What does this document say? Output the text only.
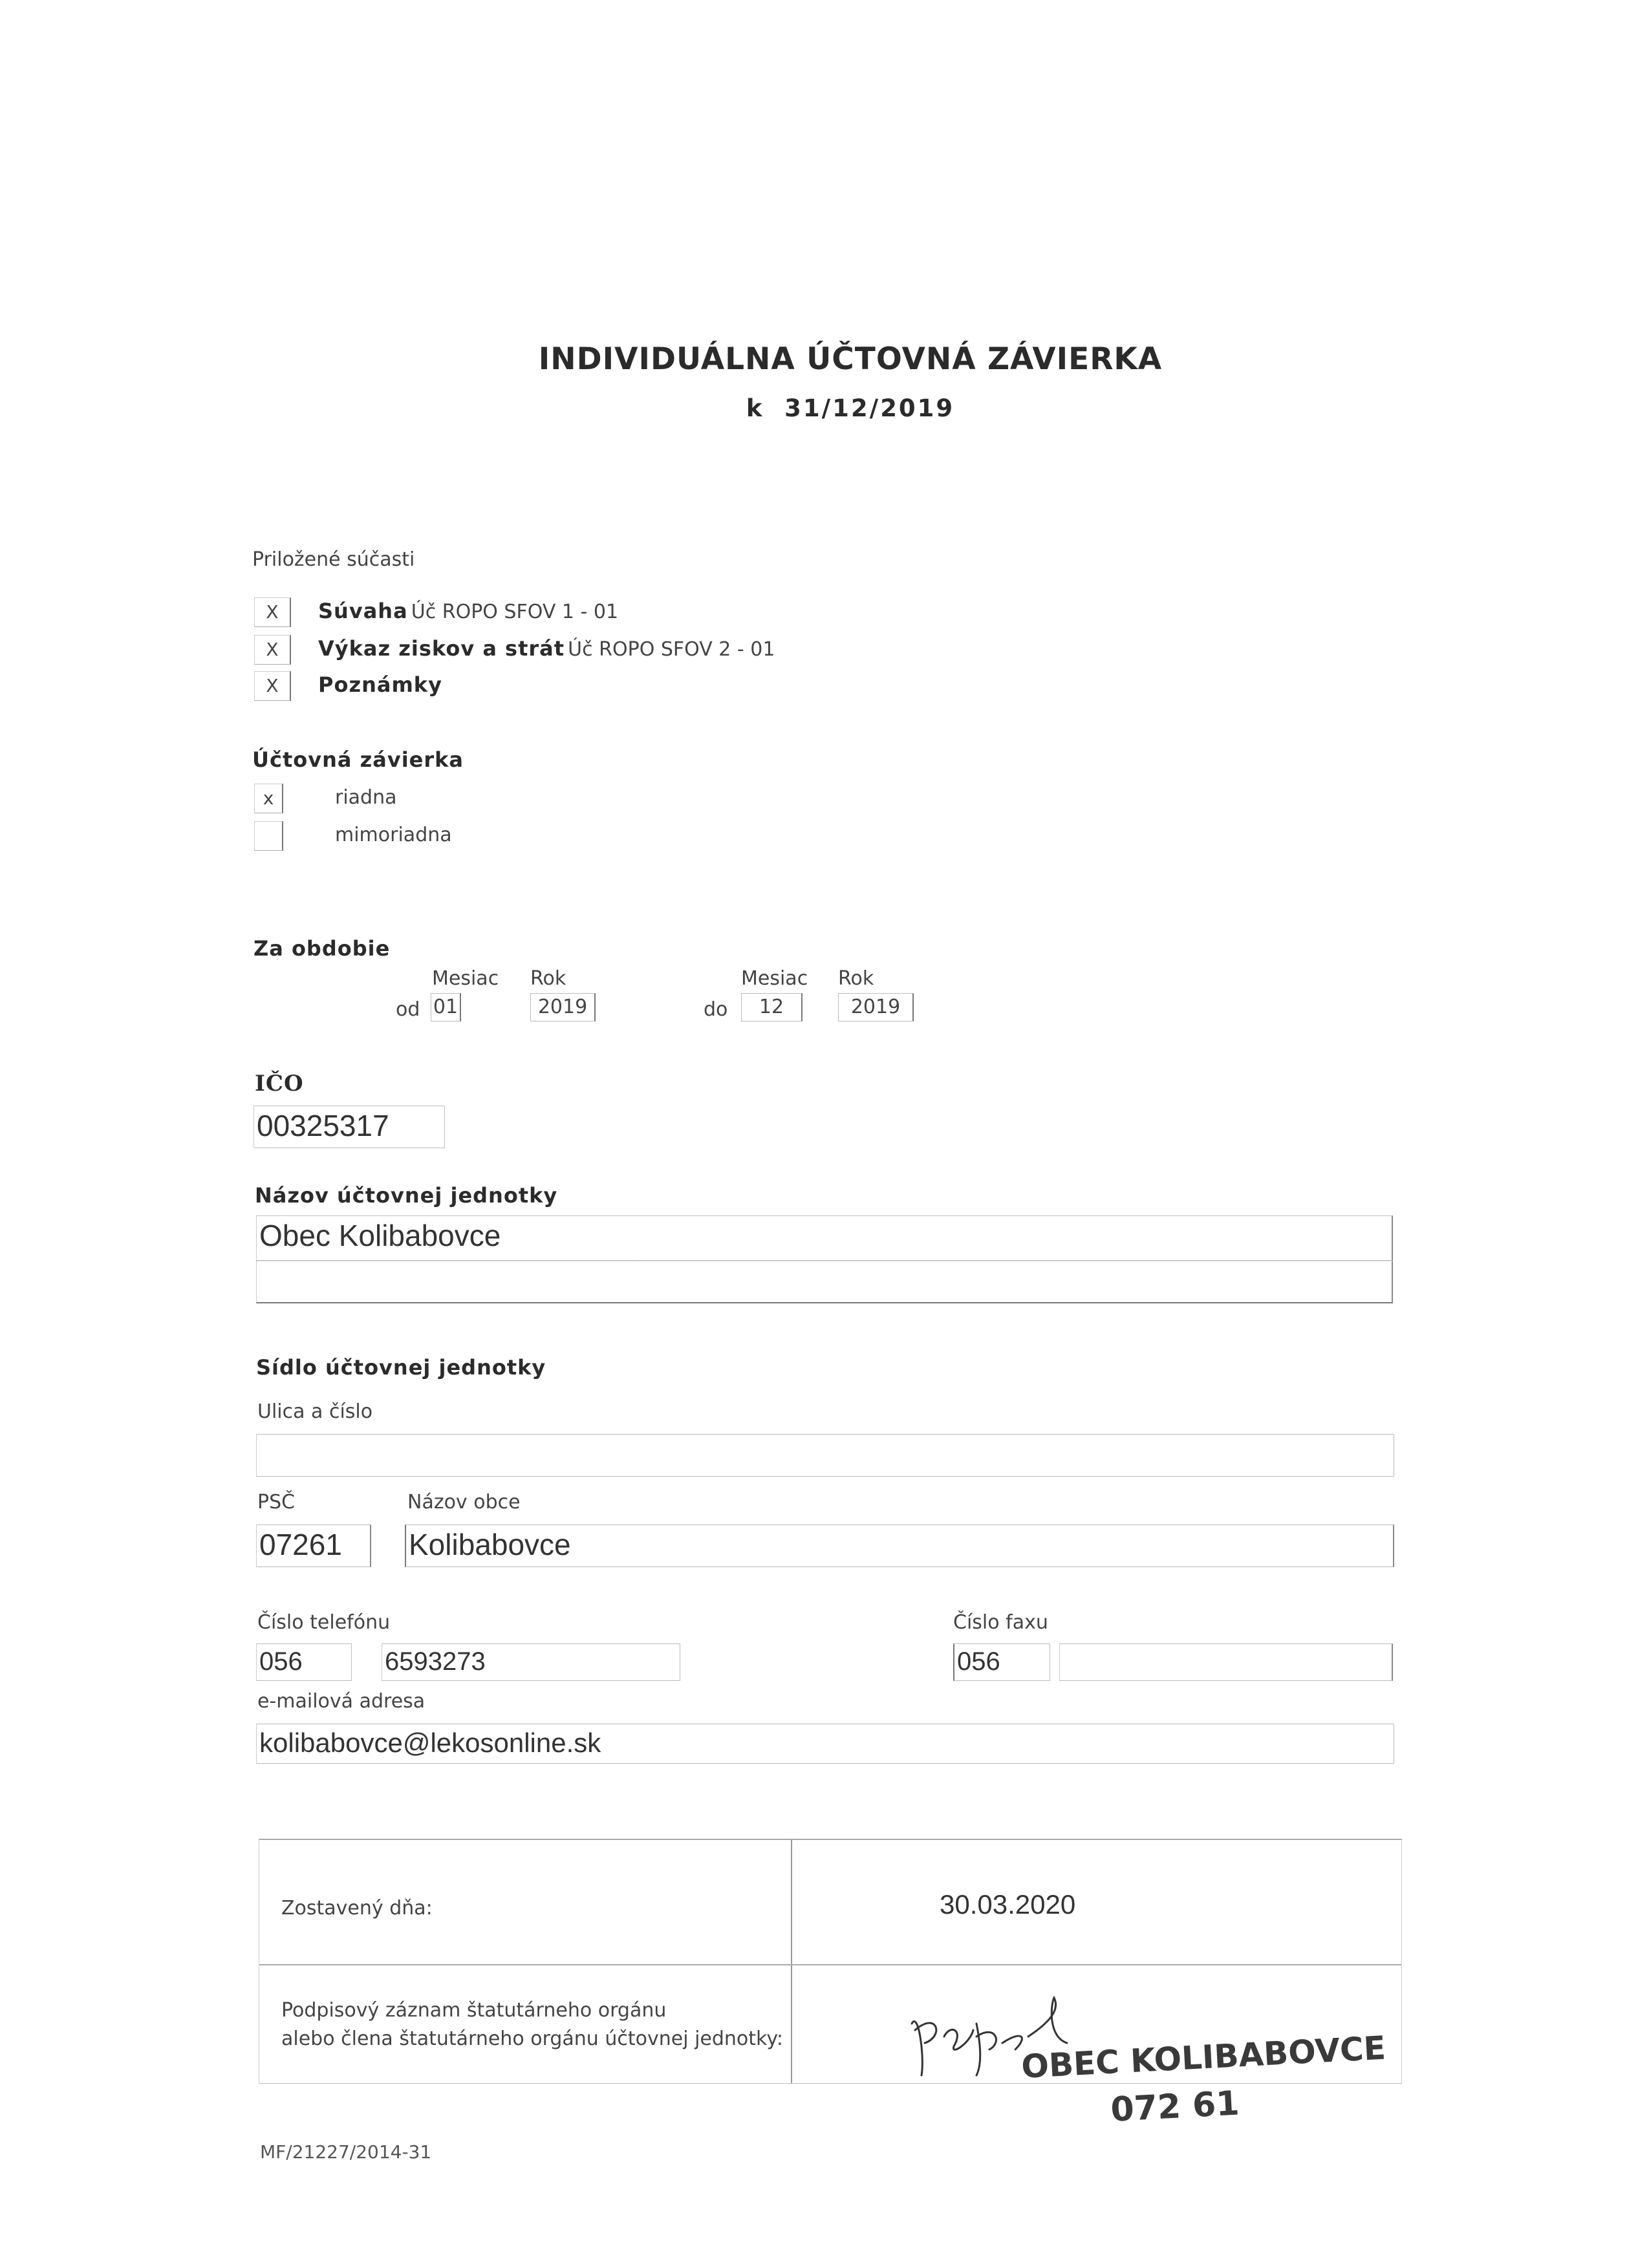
INDIVIDUÁLNA ÚČTOVNÁ ZÁVIERKA
k  31/12/2019
Priložené súčasti
X	Súvaha Úč ROPO SFOV 1 - 01
X	Výkaz ziskov a strát Úč ROPO SFOV 2 - 01
X	Poznámky
Účtovná závierka
x	riadna
mimoriadna
Za obdobie
Mesiac Rok	Mesiac Rok
od 01	2019	do	12	2019
IČO
00325317
Názov účtovnej jednotky
Obec Kolibabovce
Sídlo účtovnej jednotky
Ulica a číslo
PSČ	Názov obce
07261	Kolibabovce
Číslo telefónu	Číslo faxu
056	6593273	056
e-mailová adresa
kolibabovce@lekosonline.sk
Zostavený dňa:	30.03.2020
Podpisový záznam štatutárneho orgánu
alebo člena štatutárneho orgánu účtovnej jednotky:	OBEC KOLIBABOVCE
072 61
MF/21227/2014-31
